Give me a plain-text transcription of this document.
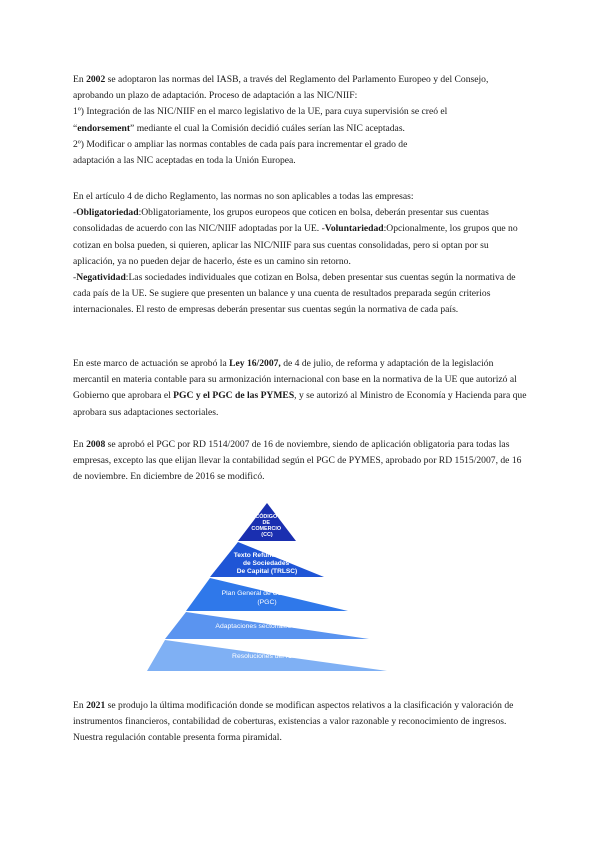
En 2002 se adoptaron las normas del IASB, a través del Reglamento del Parlamento Europeo y del Consejo, aprobando un plazo de adaptación. Proceso de adaptación a las NIC/NIIF:

1º) Integración de las NIC/NIIF en el marco legislativo de la UE, para cuya supervisión se creó el

“endorsement” mediante el cual la Comisión decidió cuáles serían las NIC aceptadas.

2º) Modificar o ampliar las normas contables de cada país para incrementar el grado de adaptación a las NIC aceptadas en toda la Unión Europea.

En el artículo 4 de dicho Reglamento, las normas no son aplicables a todas las empresas:

-Obligatoriedad:Obligatoriamente, los grupos europeos que coticen en bolsa, deberán presentar sus cuentas consolidadas de acuerdo con las NIC/NIIF adoptadas por la UE. -Voluntariedad:Opcionalmente, los grupos que no cotizan en bolsa pueden, si quieren, aplicar las NIC/NIIF para sus cuentas consolidadas, pero si optan por su aplicación, ya no pueden dejar de hacerlo, éste es un camino sin retorno.

-Negatividad:Las sociedades individuales que cotizan en Bolsa, deben presentar sus cuentas según la normativa de cada país de la UE. Se sugiere que presenten un balance y una cuenta de resultados preparada según criterios internacionales. El resto de empresas deberán presentar sus cuentas según la normativa de cada país.

En este marco de actuación se aprobó la Ley 16/2007, de 4 de julio, de reforma y adaptación de la legislación mercantil en materia contable para su armonización internacional con base en la normativa de la UE que autorizó al Gobierno que aprobara el PGC y el PGC de las PYMES, y se autorizó al Ministro de Economía y Hacienda para que aprobara sus adaptaciones sectoriales.

En 2008 se aprobó el PGC por RD 1514/2007 de 16 de noviembre, siendo de aplicación obligatoria para todas las empresas, excepto las que elijan llevar la contabilidad según el PGC de PYMES, aprobado por RD 1515/2007, de 16 de noviembre. En diciembre de 2016 se modificó.

CÓDIGO DE COMERCIO (CC)
Texto Refundido Ley de Sociedades De Capital (TRLSC)
Plan General de Contabilidad (PGC)
Adaptaciones sectoriales del PGC
Resoluciones del ICAC

En 2021 se produjo la última modificación donde se modifican aspectos relativos a la clasificación y valoración de instrumentos financieros, contabilidad de coberturas, existencias a valor razonable y reconocimiento de ingresos.

Nuestra regulación contable presenta forma piramidal.
